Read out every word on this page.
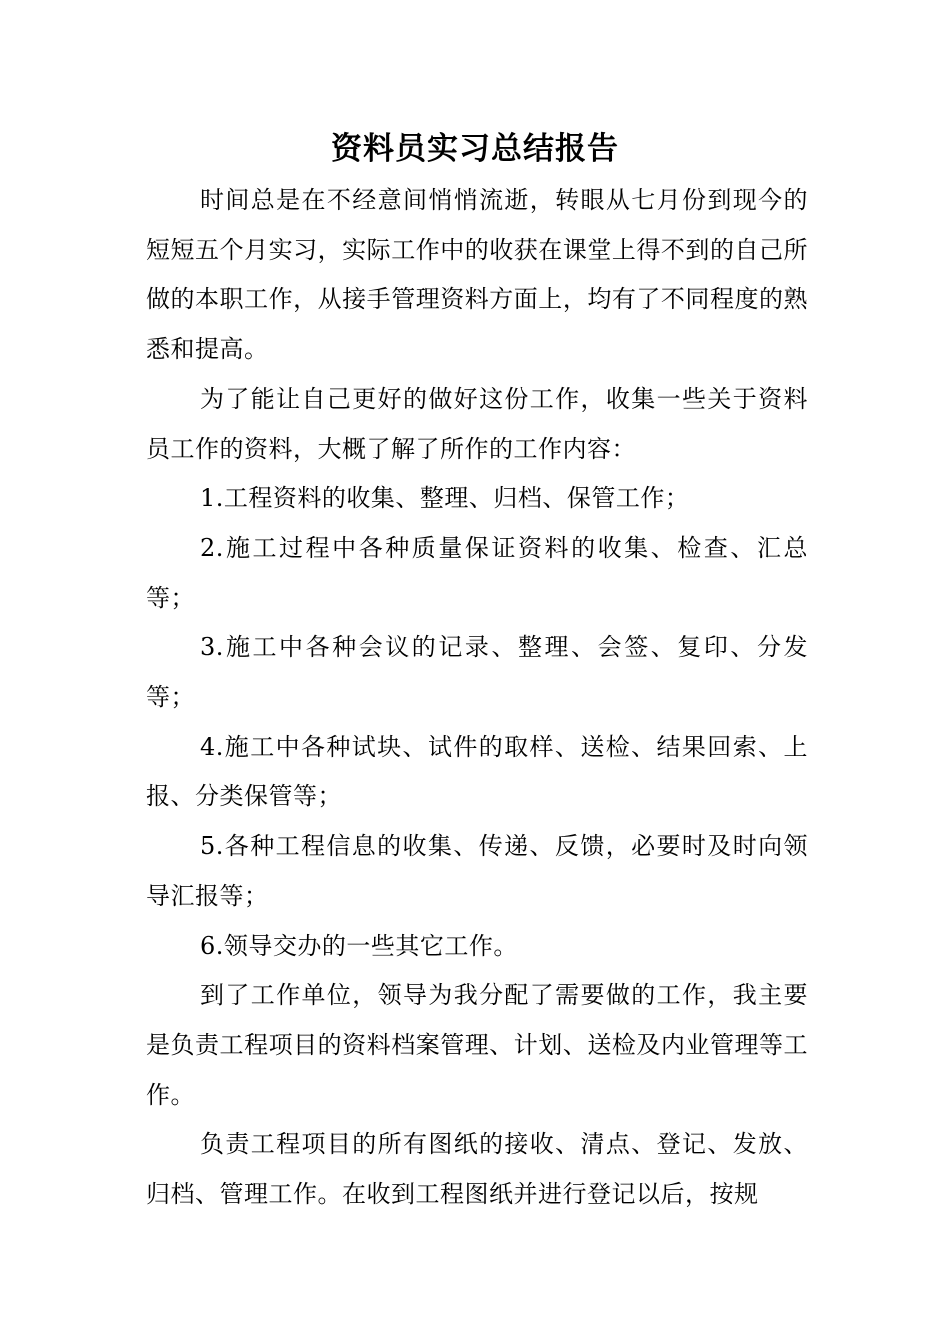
资料员实习总结报告

时间总是在不经意间悄悄流逝，转眼从七月份到现今的短短五个月实习，实际工作中的收获在课堂上得不到的自己所做的本职工作，从接手管理资料方面上，均有了不同程度的熟悉和提高。

为了能让自己更好的做好这份工作，收集一些关于资料员工作的资料，大概了解了所作的工作内容：

1.工程资料的收集、整理、归档、保管工作；

2.施工过程中各种质量保证资料的收集、检查、汇总等；

3.施工中各种会议的记录、整理、会签、复印、分发等；

4.施工中各种试块、试件的取样、送检、结果回索、上报、分类保管等；

5.各种工程信息的收集、传递、反馈，必要时及时向领导汇报等；

6.领导交办的一些其它工作。

到了工作单位，领导为我分配了需要做的工作，我主要是负责工程项目的资料档案管理、计划、送检及内业管理等工作。

负责工程项目的所有图纸的接收、清点、登记、发放、归档、管理工作。在收到工程图纸并进行登记以后，按规
